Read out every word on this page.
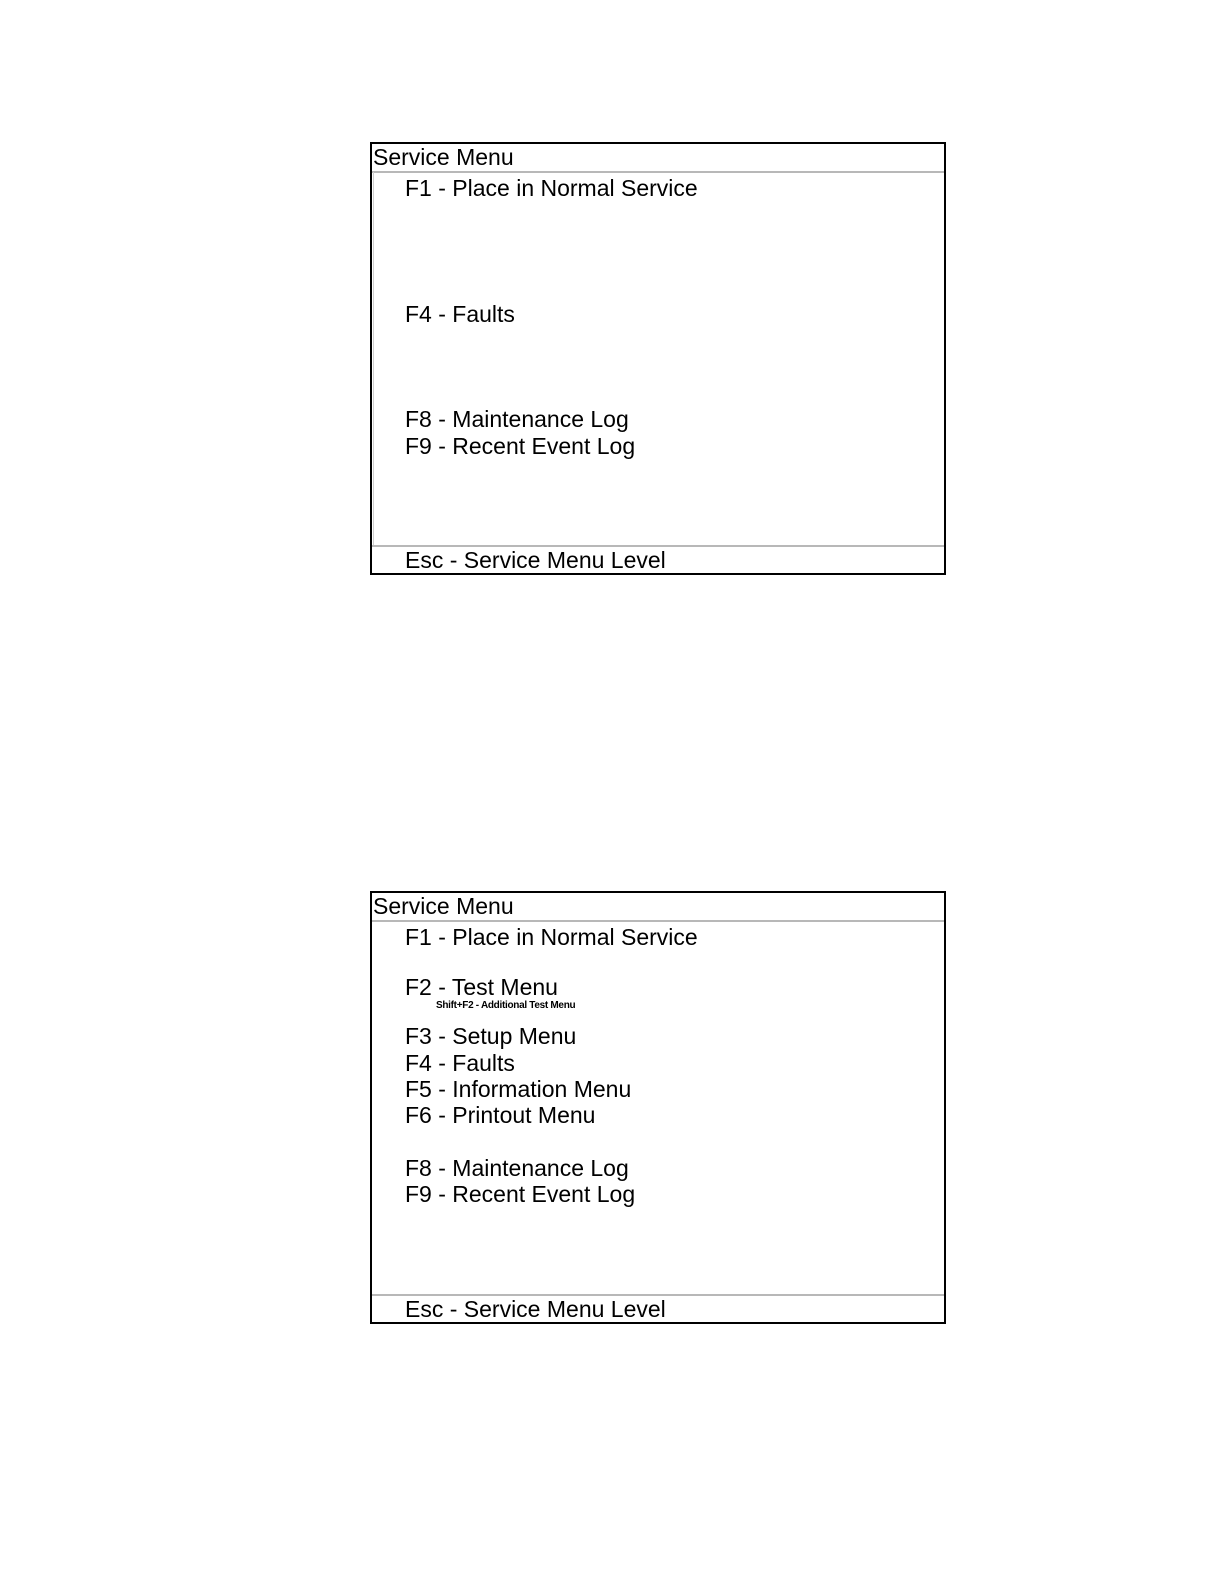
Service Menu
F1 - Place in Normal Service
F4 - Faults
F8 - Maintenance Log
F9 - Recent Event Log
Esc - Service Menu Level
Service Menu
F1 - Place in Normal Service
F2 - Test Menu
Shift+F2 - Additional Test Menu
F3 - Setup Menu
F4 - Faults
F5 - Information Menu
F6 - Printout Menu
F8 - Maintenance Log
F9 - Recent Event Log
Esc - Service Menu Level
